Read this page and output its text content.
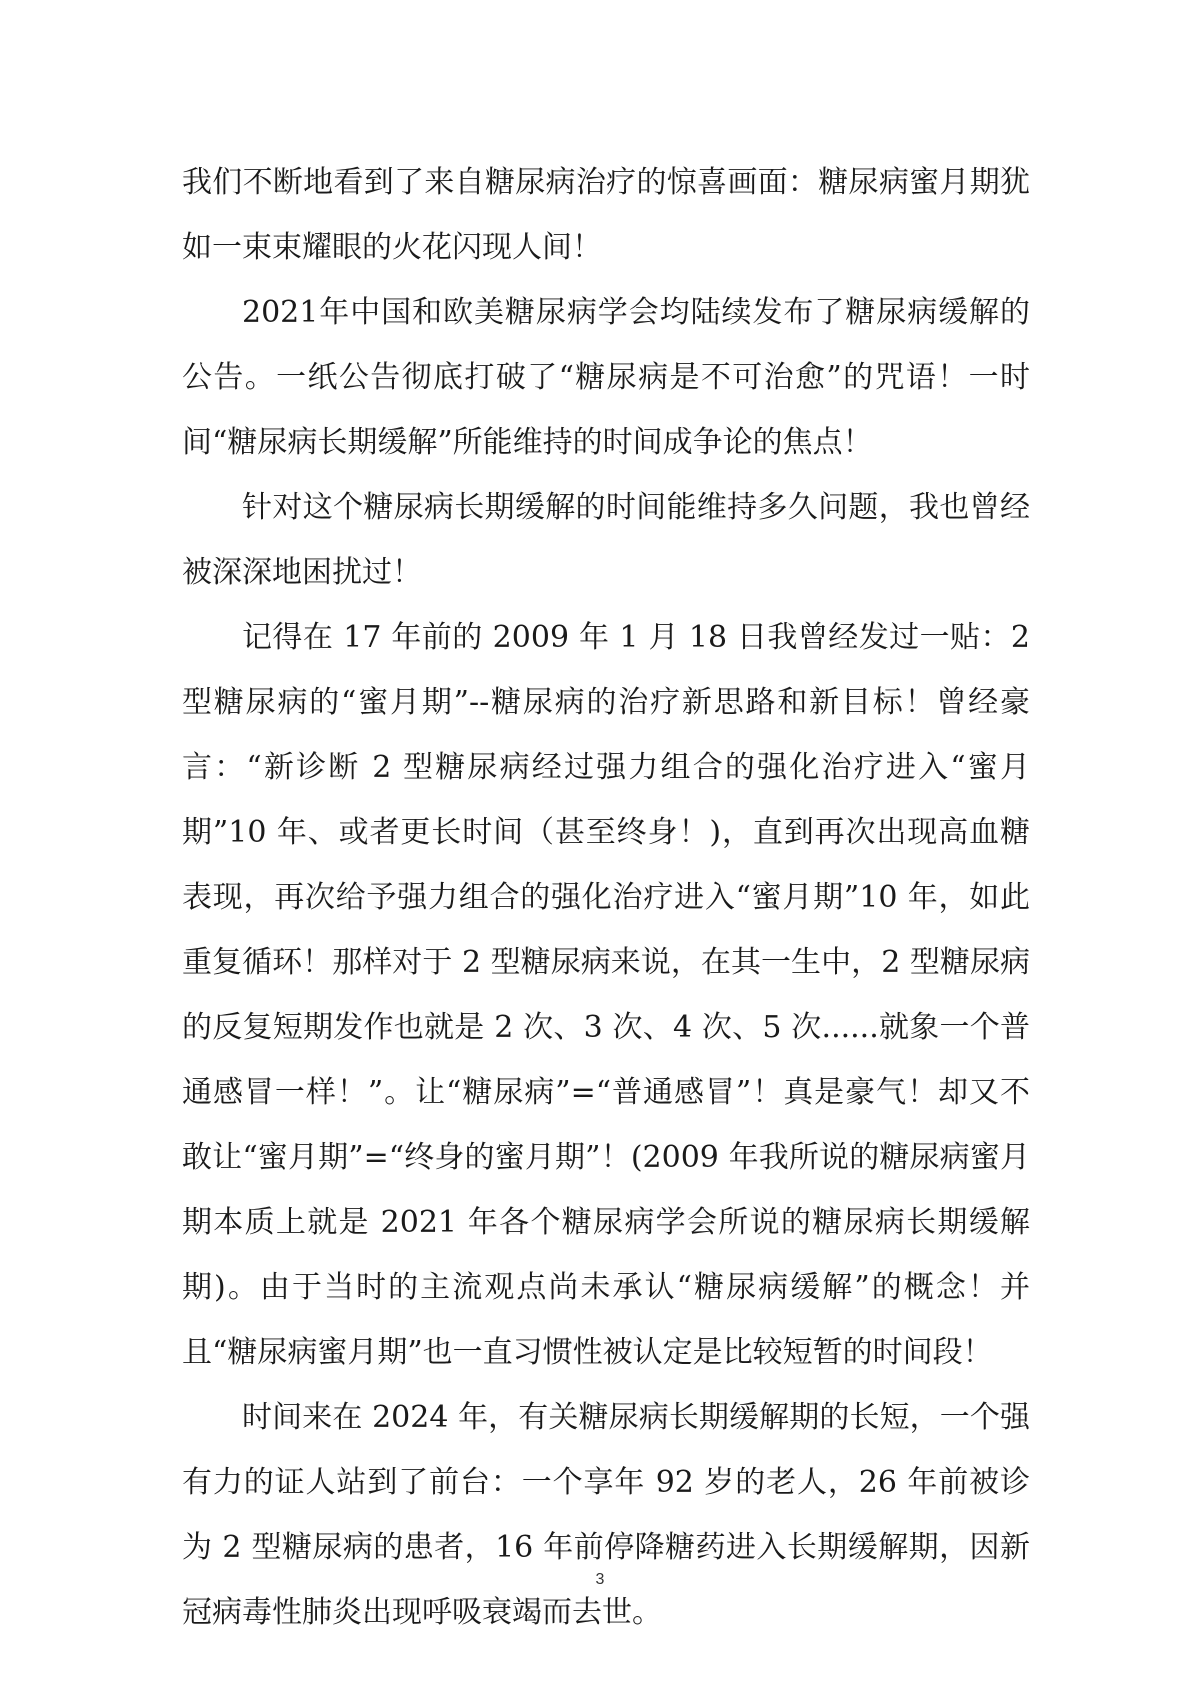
我们不断地看到了来自糖尿病治疗的惊喜画面：糖尿病蜜月期犹如一束束耀眼的火花闪现人间！

2021年中国和欧美糖尿病学会均陆续发布了糖尿病缓解的公告。一纸公告彻底打破了“糖尿病是不可治愈”的咒语！一时间“糖尿病长期缓解”所能维持的时间成争论的焦点！

针对这个糖尿病长期缓解的时间能维持多久问题，我也曾经被深深地困扰过！

记得在 17 年前的 2009 年 1 月 18 日我曾经发过一贴：2 型糖尿病的“蜜月期”--糖尿病的治疗新思路和新目标！曾经豪言：“新诊断 2 型糖尿病经过强力组合的强化治疗进入“蜜月期”10 年、或者更长时间（甚至终身！)，直到再次出现高血糖表现，再次给予强力组合的强化治疗进入“蜜月期”10 年，如此重复循环！那样对于 2 型糖尿病来说，在其一生中，2 型糖尿病的反复短期发作也就是 2 次、3 次、4 次、5 次......就象一个普通感冒一样！”。让“糖尿病”=“普通感冒”！真是豪气！却又不敢让“蜜月期”=“终身的蜜月期”！(2009 年我所说的糖尿病蜜月期本质上就是 2021 年各个糖尿病学会所说的糖尿病长期缓解期)。由于当时的主流观点尚未承认“糖尿病缓解”的概念！并且“糖尿病蜜月期”也一直习惯性被认定是比较短暂的时间段！

时间来在 2024 年，有关糖尿病长期缓解期的长短，一个强有力的证人站到了前台：一个享年 92 岁的老人，26 年前被诊为 2 型糖尿病的患者，16 年前停降糖药进入长期缓解期，因新冠病毒性肺炎出现呼吸衰竭而去世。

3
